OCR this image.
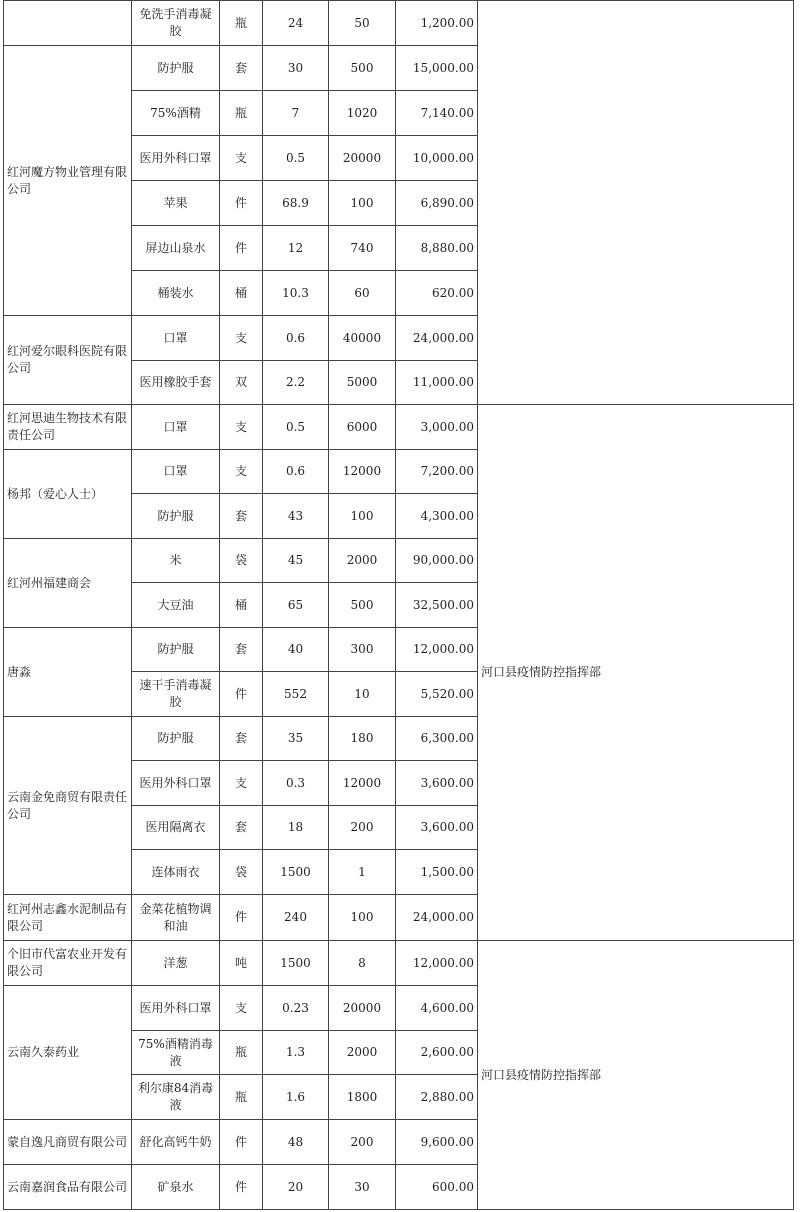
	免洗手消毒凝胶	瓶	24	50	1,200.00	
红河魔方物业管理有限公司	防护服	套	30	500	15,000.00	
	75%酒精	瓶	7	1020	7,140.00	
	医用外科口罩	支	0.5	20000	10,000.00	
	苹果	件	68.9	100	6,890.00	
	屏边山泉水	件	12	740	8,880.00	
	桶装水	桶	10.3	60	620.00	
红河爱尔眼科医院有限公司	口罩	支	0.6	40000	24,000.00	
	医用橡胶手套	双	2.2	5000	11,000.00	
红河思迪生物技术有限责任公司	口罩	支	0.5	6000	3,000.00	河口县疫情防控指挥部
杨邦（爱心人士）	口罩	支	0.6	12000	7,200.00	
	防护服	套	43	100	4,300.00	
红河州福建商会	米	袋	45	2000	90,000.00	
	大豆油	桶	65	500	32,500.00	
唐淼	防护服	套	40	300	12,000.00	
	速干手消毒凝胶	件	552	10	5,520.00	
云南金免商贸有限责任公司	防护服	套	35	180	6,300.00	
	医用外科口罩	支	0.3	12000	3,600.00	
	医用隔离衣	套	18	200	3,600.00	
	连体雨衣	袋	1500	1	1,500.00	
红河州志鑫水泥制品有限公司	金菜花植物调和油	件	240	100	24,000.00	
个旧市代富农业开发有限公司	洋葱	吨	1500	8	12,000.00	河口县疫情防控指挥部
云南久泰药业	医用外科口罩	支	0.23	20000	4,600.00	
	75%酒精消毒液	瓶	1.3	2000	2,600.00	
	利尔康84消毒液	瓶	1.6	1800	2,880.00	
蒙自逸凡商贸有限公司	舒化高钙牛奶	件	48	200	9,600.00	
云南嘉润食品有限公司	矿泉水	件	20	30	600.00	
